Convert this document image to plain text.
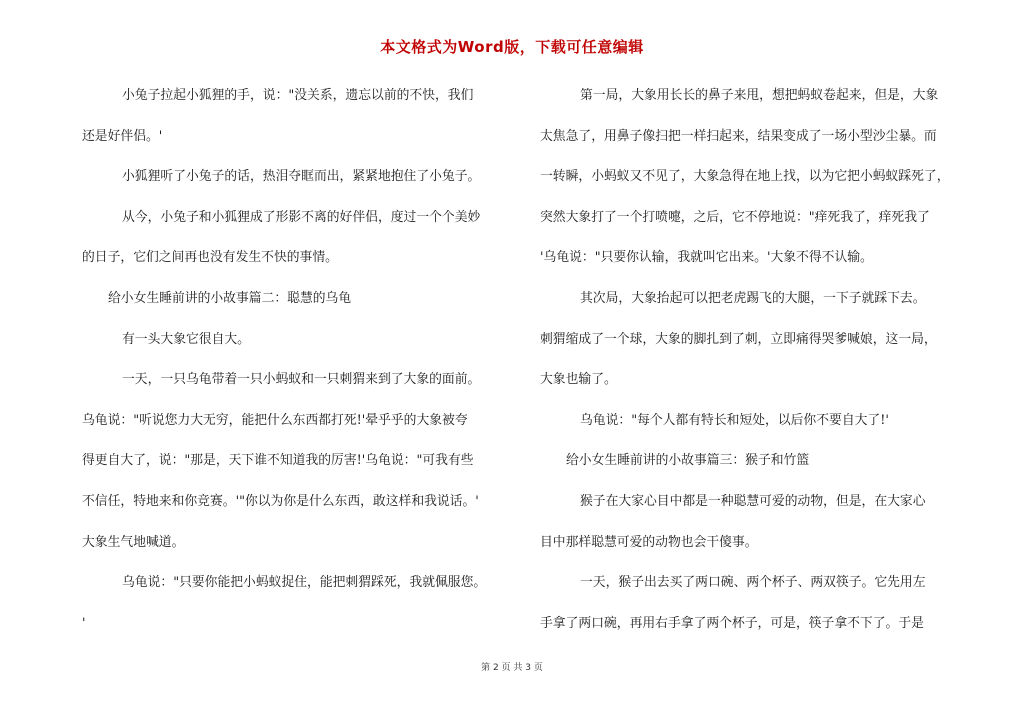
本文格式为Word版，下载可任意编辑
小兔子拉起小狐狸的手，说："没关系，遗忘以前的不快，我们
还是好伴侣。'
小狐狸听了小兔子的话，热泪夺眶而出，紧紧地抱住了小兔子。
从今，小兔子和小狐狸成了形影不离的好伴侣，度过一个个美妙
的日子，它们之间再也没有发生不快的事情。
给小女生睡前讲的小故事篇二：聪慧的乌龟
有一头大象它很自大。
一天，一只乌龟带着一只小蚂蚁和一只刺猬来到了大象的面前。
乌龟说："听说您力大无穷，能把什么东西都打死!'晕乎乎的大象被夸
得更自大了，说："那是，天下谁不知道我的厉害!'乌龟说："可我有些
不信任，特地来和你竞赛。'"你以为你是什么东西，敢这样和我说话。'
大象生气地喊道。
乌龟说："只要你能把小蚂蚁捉住，能把刺猬踩死，我就佩服您。
'
第一局，大象用长长的鼻子来甩，想把蚂蚁卷起来，但是，大象
太焦急了，用鼻子像扫把一样扫起来，结果变成了一场小型沙尘暴。而
一转瞬，小蚂蚁又不见了，大象急得在地上找，以为它把小蚂蚁踩死了，
突然大象打了一个打喷嚏，之后，它不停地说："痒死我了，痒死我了
'乌龟说："只要你认输，我就叫它出来。'大象不得不认输。
其次局，大象抬起可以把老虎踢飞的大腿，一下子就踩下去。
刺猬缩成了一个球，大象的脚扎到了刺，立即痛得哭爹喊娘，这一局，
大象也输了。
乌龟说："每个人都有特长和短处，以后你不要自大了!'
给小女生睡前讲的小故事篇三：猴子和竹篮
猴子在大家心目中都是一种聪慧可爱的动物，但是，在大家心
目中那样聪慧可爱的动物也会干傻事。
一天，猴子出去买了两口碗、两个杯子、两双筷子。它先用左
手拿了两口碗，再用右手拿了两个杯子，可是，筷子拿不下了。于是
第 2 页 共 3 页
